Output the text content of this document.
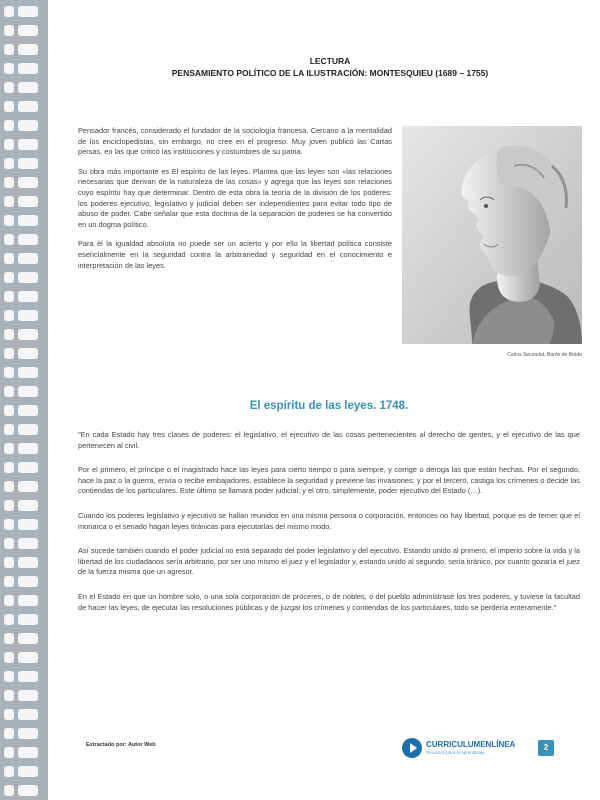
LECTURA
PENSAMIENTO POLÍTICO DE LA ILUSTRACIÓN: MONTESQUIEU (1689 – 1755)

Pensador francés, considerado el fundador de la sociología francesa. Cercano a la mentalidad de los enciclopedistas, sin embargo, no cree en el progreso. Muy joven publicó las Cartas persas, en las que criticó las instituciones y costumbres de su patria.

Su obra más importante es El espíritu de las leyes. Plantea que las leyes son «las relaciones necesarias que derivan de la naturaleza de las cosas» y agrega que las leyes son relaciones cuyo espíritu hay que determinar. Dentro de esta obra la teoría de la división de los poderes: los poderes ejecutivo, legislativo y judicial deben ser independientes para evitar todo tipo de abuso de poder. Cabe señalar que esta doctrina de la separación de poderes se ha convertido en un dogma político.

Para él la igualdad absoluta no puede ser un acierto y por ello la libertad política consiste esencialmente en la seguridad contra la arbitrariedad y seguridad en el conocimiento e interpretación de las leyes.

Carlos Secondat, Barón de Brède
El espíritu de las leyes. 1748.

"En cada Estado hay tres clases de poderes: el legislativo, el ejecutivo de las cosas pertenecientes al derecho de gentes, y el ejecutivo de las que pertenecen al civil.

Por el primero, el príncipe o el magistrado hace las leyes para cierto tiempo o para siempre, y corrige o deroga las que están hechas. Por el segundo, hace la paz o la guerra, envía o recibe embajadores, establece la seguridad y previene las invasiones; y por el tercero, castiga los crímenes o decide las contiendas de los particulares. Este último se llamará poder judicial; y el otro, simplemente, poder ejecutivo del Estado (…).

Cuando los poderes legislativo y ejecutivo se hallan reunidos en una misma persona o corporación, entonces no hay libertad, porque es de temer que el monarca o el senado hagan leyes tiránicas para ejecutarlas del mismo modo.

Así sucede también cuando el poder judicial no está separado del poder legislativo y del ejecutivo. Estando unido al primero, el imperio sobre la vida y la libertad de los ciudadanos sería arbitrario, por ser uno mismo el juez y el legislador y, estando unido al segundo, sería tiránico, por cuanto gozaría el juez de la fuerza misma que un agresor.

En el Estado en que un hombre solo, o una sola corporación de próceres, o de nobles, o del pueblo administrase los tres poderes, y tuviese la facultad de hacer las leyes, de ejecutar las resoluciones públicas y de juzgar los crímenes y contiendas de los particulares, todo se perdería enteramente."

Extractado por: Autor Web	CURRICULUMENLÍNEA
Recursos para el aprendizaje
2
